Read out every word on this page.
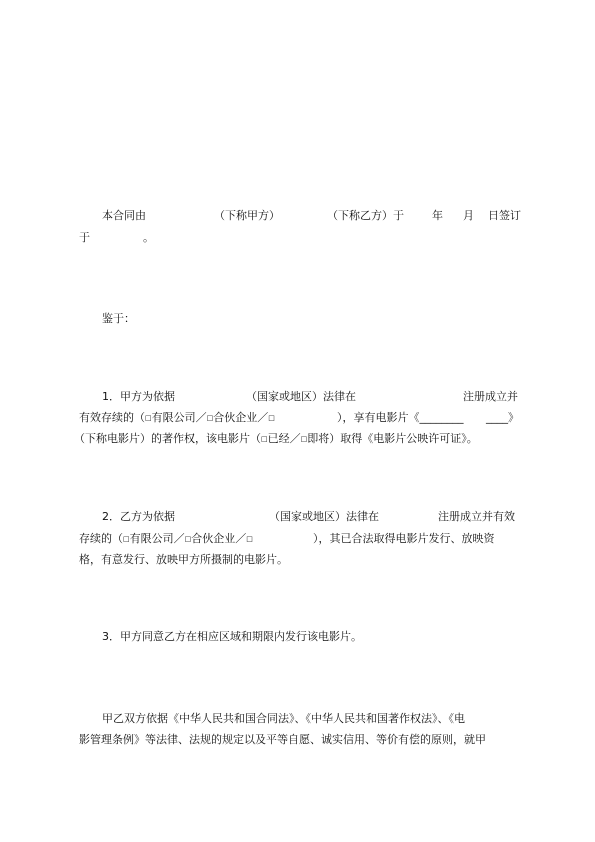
本合同由	（下称甲方）	（下称乙方）于	年 月 日签订
于	。
鉴于：
1．甲方为依据	（国家或地区）法律在	注册成立并
有效存续的（□有限公司／□合伙企业／□	），享有电影片《________ ____》
（下称电影片）的著作权，该电影片（□已经／□即将）取得《电影片公映许可证》。
2．乙方为依据	（国家或地区）法律在	注册成立并有效
存续的（□有限公司／□合伙企业／□	），其已合法取得电影片发行、放映资
格，有意发行、放映甲方所摄制的电影片。
3．甲方同意乙方在相应区域和期限内发行该电影片。
甲乙双方依据《中华人民共和国合同法》、《中华人民共和国著作权法》、《电
影管理条例》等法律、法规的规定以及平等自愿、诚实信用、等价有偿的原则，就甲
